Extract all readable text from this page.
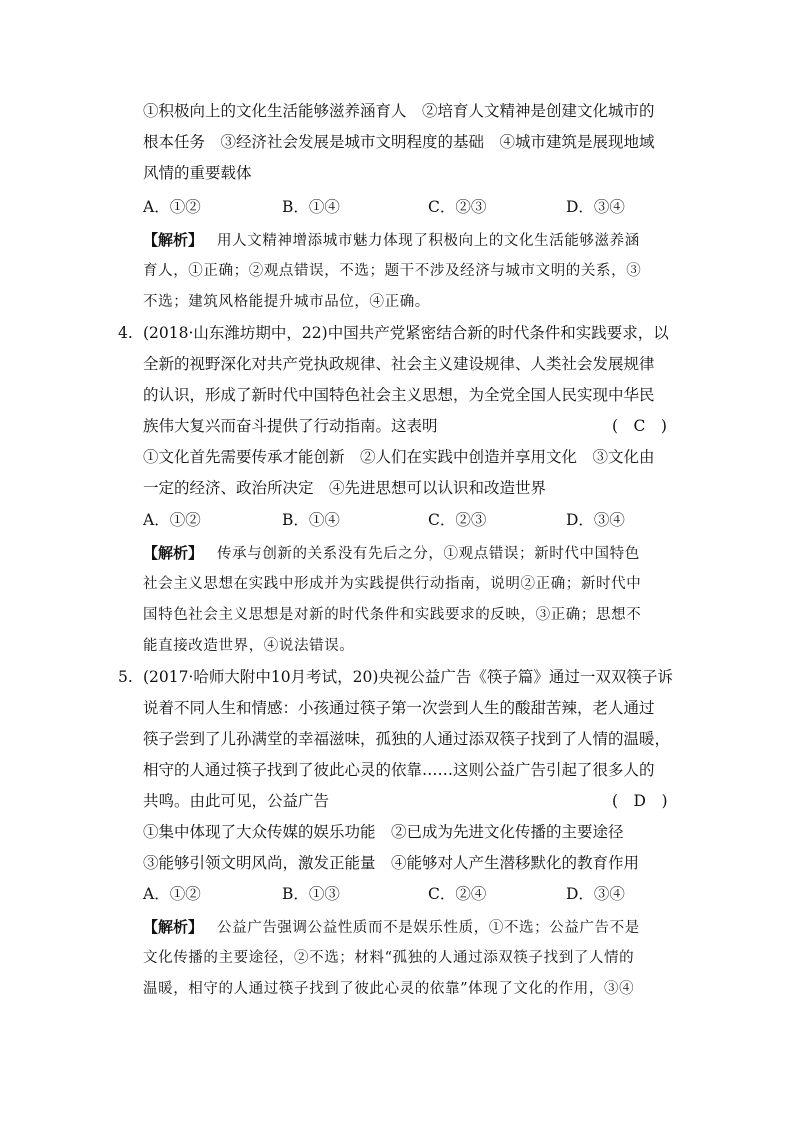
①积极向上的文化生活能够滋养涵育人　②培育人文精神是创建文化城市的
根本任务　③经济社会发展是城市文明程度的基础　④城市建筑是展现地域
风情的重要载体
A．①②	B．①④	C．②③	D．③④
【解析】 用人文精神增添城市魅力体现了积极向上的文化生活能够滋养涵
育人，①正确；②观点错误，不选；题干不涉及经济与城市文明的关系，③
不选；建筑风格能提升城市品位，④正确。
4. (2018·山东潍坊期中，22)中国共产党紧密结合新的时代条件和实践要求，以
全新的视野深化对共产党执政规律、社会主义建设规律、人类社会发展规律
的认识，形成了新时代中国特色社会主义思想，为全党全国人民实现中华民
族伟大复兴而奋斗提供了行动指南。这表明	(　C　)
①文化首先需要传承才能创新　②人们在实践中创造并享用文化　③文化由
一定的经济、政治所决定　④先进思想可以认识和改造世界
A．①②	B．①④	C．②③	D．③④
【解析】 传承与创新的关系没有先后之分，①观点错误；新时代中国特色
社会主义思想在实践中形成并为实践提供行动指南，说明②正确；新时代中
国特色社会主义思想是对新的时代条件和实践要求的反映，③正确；思想不
能直接改造世界，④说法错误。
5. (2017·哈师大附中10月考试，20)央视公益广告《筷子篇》通过一双双筷子诉
说着不同人生和情感：小孩通过筷子第一次尝到人生的酸甜苦辣，老人通过
筷子尝到了儿孙满堂的幸福滋味，孤独的人通过添双筷子找到了人情的温暖，
相守的人通过筷子找到了彼此心灵的依靠……这则公益广告引起了很多人的
共鸣。由此可见，公益广告	(　D　)
①集中体现了大众传媒的娱乐功能　②已成为先进文化传播的主要途径
③能够引领文明风尚，激发正能量　④能够对人产生潜移默化的教育作用
A．①②	B．①③	C．②④	D．③④
【解析】 公益广告强调公益性质而不是娱乐性质，①不选；公益广告不是
文化传播的主要途径，②不选；材料“孤独的人通过添双筷子找到了人情的
温暖，相守的人通过筷子找到了彼此心灵的依靠”体现了文化的作用，③④
